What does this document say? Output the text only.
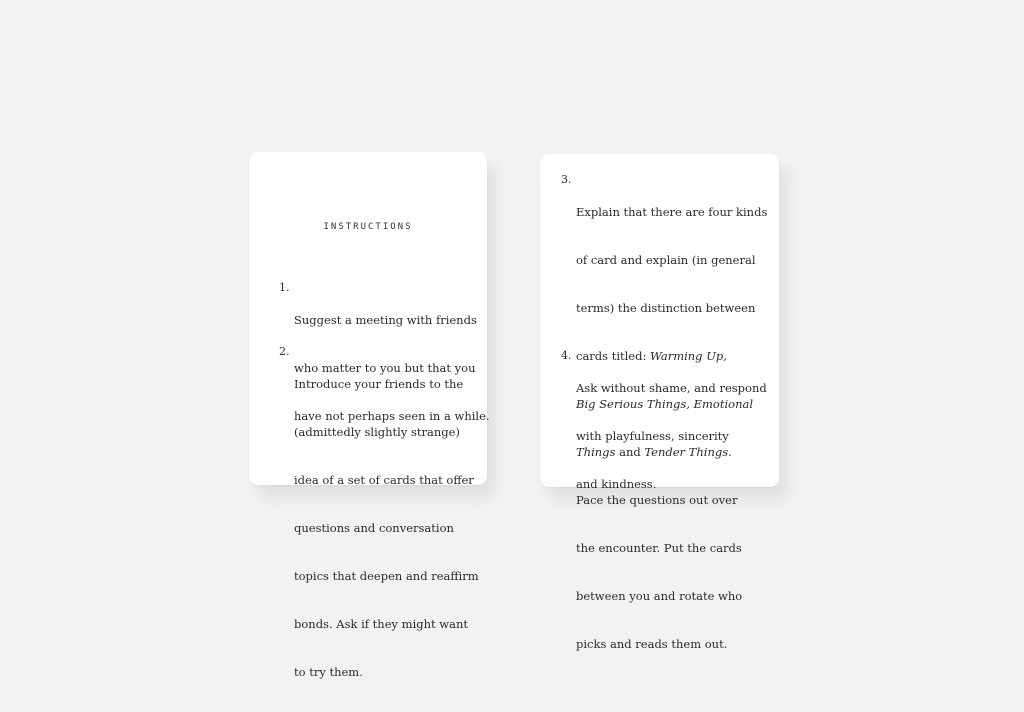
INSTRUCTIONS
1.

Suggest a meeting with friends

who matter to you but that you

have not perhaps seen in a while.

2.

Introduce your friends to the

(admittedly slightly strange)

idea of a set of cards that offer

questions and conversation

topics that deepen and reaffirm

bonds. Ask if they might want

to try them.

3.

Explain that there are four kinds

of card and explain (in general

terms) the distinction between

cards titled: Warming Up,

Big Serious Things, Emotional

Things and Tender Things.

Pace the questions out over

the encounter. Put the cards

between you and rotate who

picks and reads them out.

4.

Ask without shame, and respond

with playfulness, sincerity

and kindness.
